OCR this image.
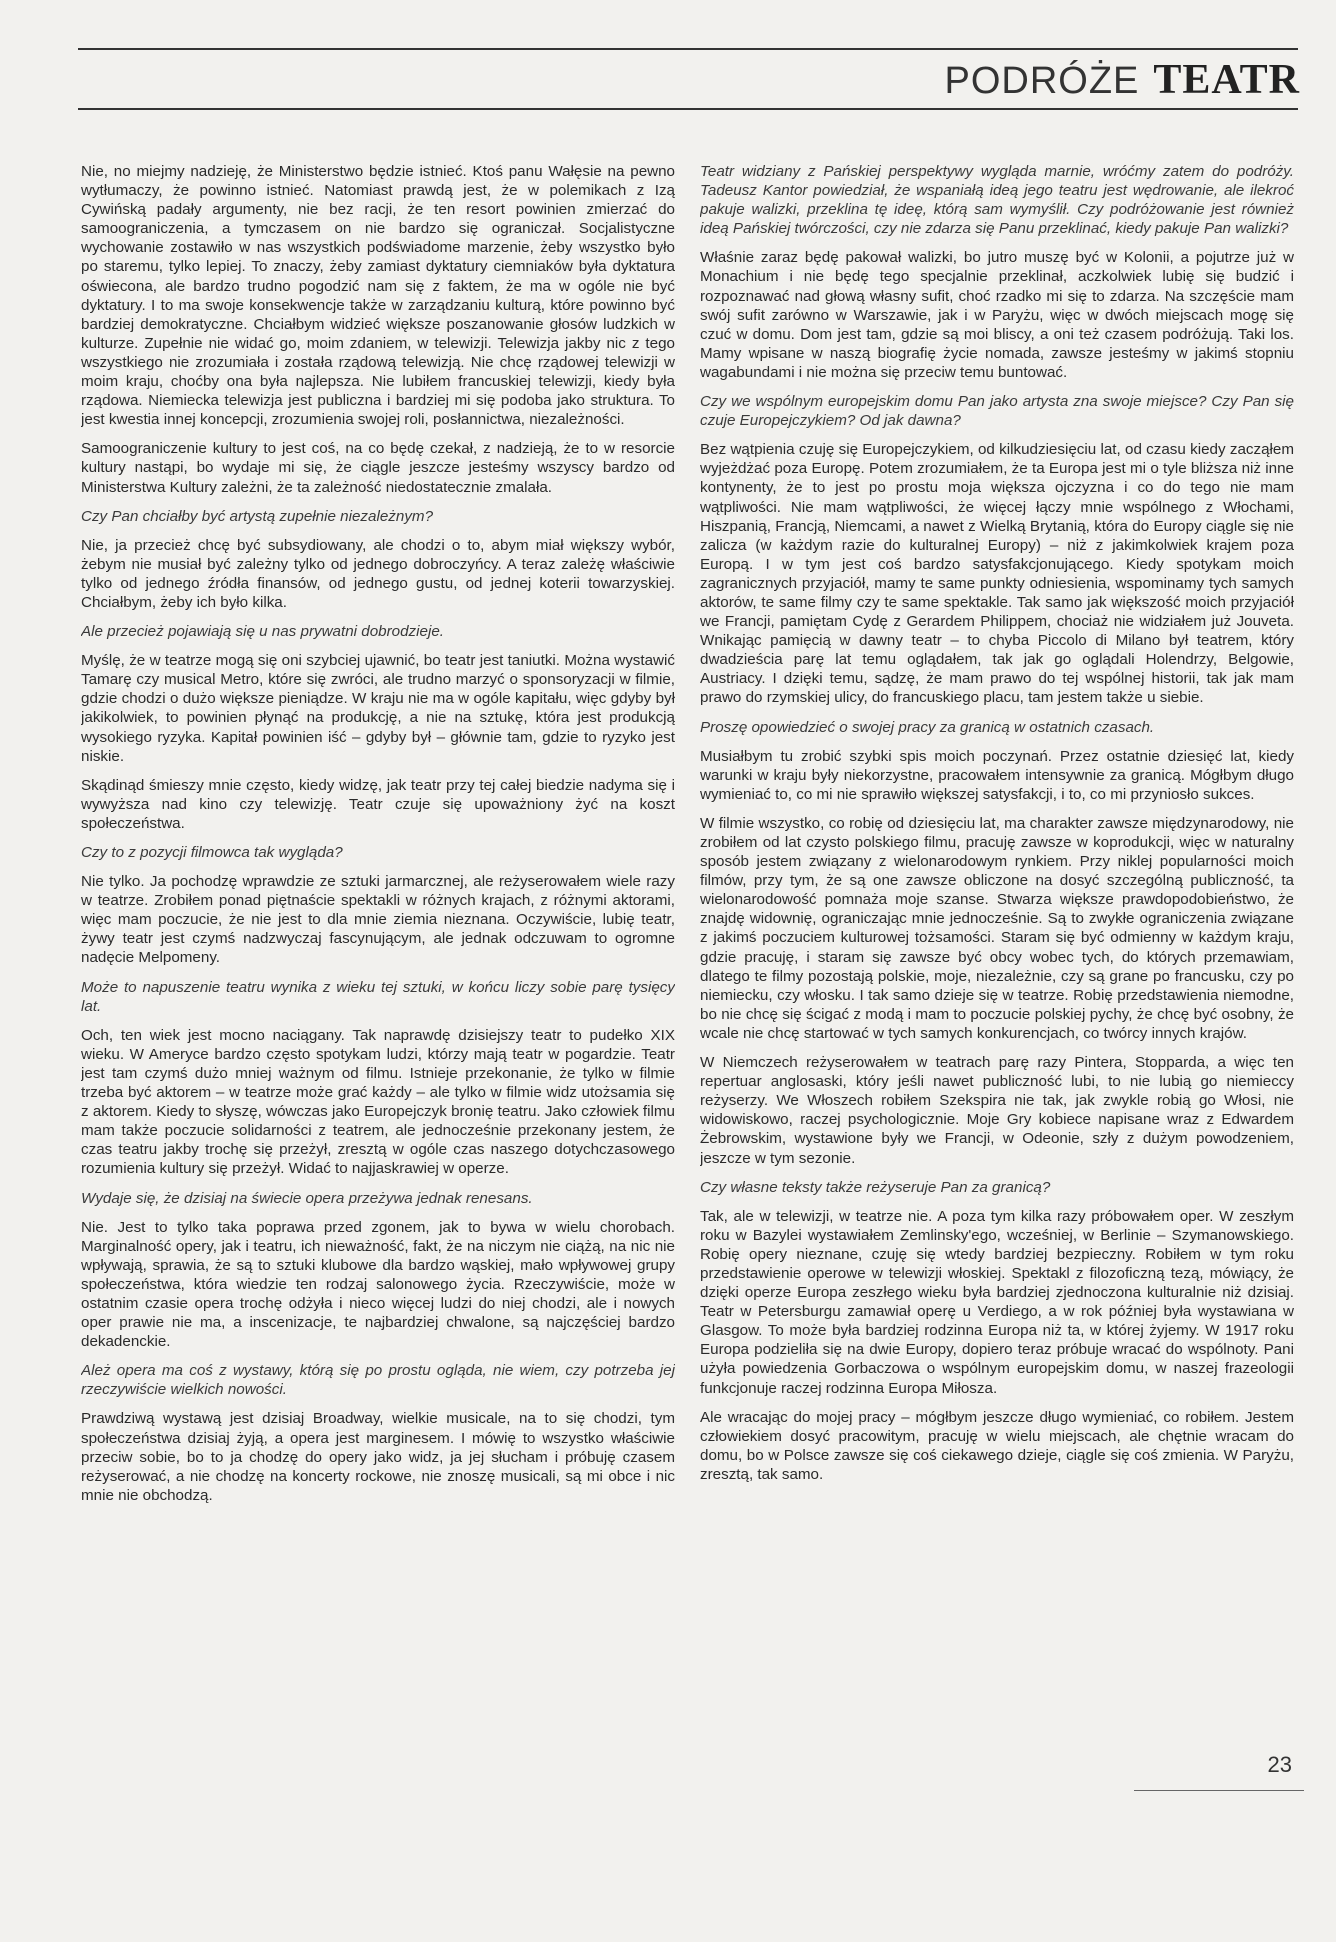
PODRÓŻE TEATR

Nie, no miejmy nadzieję, że Ministerstwo będzie istnieć. Ktoś panu Wałęsie na pewno wytłumaczy, że powinno istnieć. Natomiast prawdą jest, że w polemikach z Izą Cywińską padały argumenty, nie bez racji, że ten resort powinien zmierzać do samoograniczenia, a tymczasem on nie bardzo się ograniczał. Socjalistyczne wychowanie zostawiło w nas wszystkich podświadome marzenie, żeby wszystko było po staremu, tylko lepiej. To znaczy, żeby zamiast dyktatury ciemniaków była dyktatura oświecona, ale bardzo trudno pogodzić nam się z faktem, że ma w ogóle nie być dyktatury. I to ma swoje konsekwencje także w zarządzaniu kulturą, które powinno być bardziej demokratyczne. Chciałbym widzieć większe poszanowanie głosów ludzkich w kulturze. Zupełnie nie widać go, moim zdaniem, w telewizji. Telewizja jakby nic z tego wszystkiego nie zrozumiała i została rządową telewizją. Nie chcę rządowej telewizji w moim kraju, choćby ona była najlepsza. Nie lubiłem francuskiej telewizji, kiedy była rządowa. Niemiecka telewizja jest publiczna i bardziej mi się podoba jako struktura. To jest kwestia innej koncepcji, zrozumienia swojej roli, posłannictwa, niezależności.

Samoograniczenie kultury to jest coś, na co będę czekał, z nadzieją, że to w resorcie kultury nastąpi, bo wydaje mi się, że ciągle jeszcze jesteśmy wszyscy bardzo od Ministerstwa Kultury zależni, że ta zależność niedostatecznie zmalała.

Czy Pan chciałby być artystą zupełnie niezależnym?

Nie, ja przecież chcę być subsydiowany, ale chodzi o to, abym miał większy wybór, żebym nie musiał być zależny tylko od jednego dobroczyńcy. A teraz zależę właściwie tylko od jednego źródła finansów, od jednego gustu, od jednej koterii towarzyskiej. Chciałbym, żeby ich było kilka.

Ale przecież pojawiają się u nas prywatni dobrodzieje.

Myślę, że w teatrze mogą się oni szybciej ujawnić, bo teatr jest taniutki. Można wystawić Tamarę czy musical Metro, które się zwróci, ale trudno marzyć o sponsoryzacji w filmie, gdzie chodzi o dużo większe pieniądze. W kraju nie ma w ogóle kapitału, więc gdyby był jakikolwiek, to powinien płynąć na produkcję, a nie na sztukę, która jest produkcją wysokiego ryzyka. Kapitał powinien iść – gdyby był – głównie tam, gdzie to ryzyko jest niskie.

Skądinąd śmieszy mnie często, kiedy widzę, jak teatr przy tej całej biedzie nadyma się i wywyższa nad kino czy telewizję. Teatr czuje się upoważniony żyć na koszt społeczeństwa.

Czy to z pozycji filmowca tak wygląda?

Nie tylko. Ja pochodzę wprawdzie ze sztuki jarmarcznej, ale reżyserowałem wiele razy w teatrze. Zrobiłem ponad piętnaście spektakli w różnych krajach, z różnymi aktorami, więc mam poczucie, że nie jest to dla mnie ziemia nieznana. Oczywiście, lubię teatr, żywy teatr jest czymś nadzwyczaj fascynującym, ale jednak odczuwam to ogromne nadęcie Melpomeny.

Może to napuszenie teatru wynika z wieku tej sztuki, w końcu liczy sobie parę tysięcy lat.

Och, ten wiek jest mocno naciągany. Tak naprawdę dzisiejszy teatr to pudełko XIX wieku. W Ameryce bardzo często spotykam ludzi, którzy mają teatr w pogardzie. Teatr jest tam czymś dużo mniej ważnym od filmu. Istnieje przekonanie, że tylko w filmie trzeba być aktorem – w teatrze może grać każdy – ale tylko w filmie widz utożsamia się z aktorem. Kiedy to słyszę, wówczas jako Europejczyk bronię teatru. Jako człowiek filmu mam także poczucie solidarności z teatrem, ale jednocześnie przekonany jestem, że czas teatru jakby trochę się przeżył, zresztą w ogóle czas naszego dotychczasowego rozumienia kultury się przeżył. Widać to najjaskrawiej w operze.

Wydaje się, że dzisiaj na świecie opera przeżywa jednak renesans.

Nie. Jest to tylko taka poprawa przed zgonem, jak to bywa w wielu chorobach. Marginalność opery, jak i teatru, ich nieważność, fakt, że na niczym nie ciążą, na nic nie wpływają, sprawia, że są to sztuki klubowe dla bardzo wąskiej, mało wpływowej grupy społeczeństwa, która wiedzie ten rodzaj salonowego życia. Rzeczywiście, może w ostatnim czasie opera trochę odżyła i nieco więcej ludzi do niej chodzi, ale i nowych oper prawie nie ma, a inscenizacje, te najbardziej chwalone, są najczęściej bardzo dekadenckie.

Ależ opera ma coś z wystawy, którą się po prostu ogląda, nie wiem, czy potrzeba jej rzeczywiście wielkich nowości.

Prawdziwą wystawą jest dzisiaj Broadway, wielkie musicale, na to się chodzi, tym społeczeństwa dzisiaj żyją, a opera jest marginesem. I mówię to wszystko właściwie przeciw sobie, bo to ja chodzę do opery jako widz, ja jej słucham i próbuję czasem reżyserować, a nie chodzę na koncerty rockowe, nie znoszę musicali, są mi obce i nic mnie nie obchodzą.

Teatr widziany z Pańskiej perspektywy wygląda marnie, wróćmy zatem do podróży. Tadeusz Kantor powiedział, że wspaniałą ideą jego teatru jest wędrowanie, ale ilekroć pakuje walizki, przeklina tę ideę, którą sam wymyślił. Czy podróżowanie jest również ideą Pańskiej twórczości, czy nie zdarza się Panu przeklinać, kiedy pakuje Pan walizki?

Właśnie zaraz będę pakował walizki, bo jutro muszę być w Kolonii, a pojutrze już w Monachium i nie będę tego specjalnie przeklinał, aczkolwiek lubię się budzić i rozpoznawać nad głową własny sufit, choć rzadko mi się to zdarza. Na szczęście mam swój sufit zarówno w Warszawie, jak i w Paryżu, więc w dwóch miejscach mogę się czuć w domu. Dom jest tam, gdzie są moi bliscy, a oni też czasem podróżują. Taki los. Mamy wpisane w naszą biografię życie nomada, zawsze jesteśmy w jakimś stopniu wagabundami i nie można się przeciw temu buntować.

Czy we wspólnym europejskim domu Pan jako artysta zna swoje miejsce? Czy Pan się czuje Europejczykiem? Od jak dawna?

Bez wątpienia czuję się Europejczykiem, od kilkudziesięciu lat, od czasu kiedy zacząłem wyjeżdżać poza Europę. Potem zrozumiałem, że ta Europa jest mi o tyle bliższa niż inne kontynenty, że to jest po prostu moja większa ojczyzna i co do tego nie mam wątpliwości. Nie mam wątpliwości, że więcej łączy mnie wspólnego z Włochami, Hiszpanią, Francją, Niemcami, a nawet z Wielką Brytanią, która do Europy ciągle się nie zalicza (w każdym razie do kulturalnej Europy) – niż z jakimkolwiek krajem poza Europą. I w tym jest coś bardzo satysfakcjonującego. Kiedy spotykam moich zagranicznych przyjaciół, mamy te same punkty odniesienia, wspominamy tych samych aktorów, te same filmy czy te same spektakle. Tak samo jak większość moich przyjaciół we Francji, pamiętam Cydę z Gerardem Philippem, chociaż nie widziałem już Jouveta. Wnikając pamięcią w dawny teatr – to chyba Piccolo di Milano był teatrem, który dwadzieścia parę lat temu oglądałem, tak jak go oglądali Holendrzy, Belgowie, Austriacy. I dzięki temu, sądzę, że mam prawo do tej wspólnej historii, tak jak mam prawo do rzymskiej ulicy, do francuskiego placu, tam jestem także u siebie.

Proszę opowiedzieć o swojej pracy za granicą w ostatnich czasach.

Musiałbym tu zrobić szybki spis moich poczynań. Przez ostatnie dziesięć lat, kiedy warunki w kraju były niekorzystne, pracowałem intensywnie za granicą. Mógłbym długo wymieniać to, co mi nie sprawiło większej satysfakcji, i to, co mi przyniosło sukces.

W filmie wszystko, co robię od dziesięciu lat, ma charakter zawsze międzynarodowy, nie zrobiłem od lat czysto polskiego filmu, pracuję zawsze w koprodukcji, więc w naturalny sposób jestem związany z wielonarodowym rynkiem. Przy niklej popularności moich filmów, przy tym, że są one zawsze obliczone na dosyć szczególną publiczność, ta wielonarodowość pomnaża moje szanse. Stwarza większe prawdopodobieństwo, że znajdę widownię, ograniczając mnie jednocześnie. Są to zwykłe ograniczenia związane z jakimś poczuciem kulturowej tożsamości. Staram się być odmienny w każdym kraju, gdzie pracuję, i staram się zawsze być obcy wobec tych, do których przemawiam, dlatego te filmy pozostają polskie, moje, niezależnie, czy są grane po francusku, czy po niemiecku, czy włosku. I tak samo dzieje się w teatrze. Robię przedstawienia niemodne, bo nie chcę się ścigać z modą i mam to poczucie polskiej pychy, że chcę być osobny, że wcale nie chcę startować w tych samych konkurencjach, co twórcy innych krajów.

W Niemczech reżyserowałem w teatrach parę razy Pintera, Stopparda, a więc ten repertuar anglosaski, który jeśli nawet publiczność lubi, to nie lubią go niemieccy reżyserzy. We Włoszech robiłem Szekspira nie tak, jak zwykle robią go Włosi, nie widowiskowo, raczej psychologicznie. Moje Gry kobiece napisane wraz z Edwardem Żebrowskim, wystawione były we Francji, w Odeonie, szły z dużym powodzeniem, jeszcze w tym sezonie.

Czy własne teksty także reżyseruje Pan za granicą?

Tak, ale w telewizji, w teatrze nie. A poza tym kilka razy próbowałem oper. W zeszłym roku w Bazylei wystawiałem Zemlinsky'ego, wcześniej, w Berlinie – Szymanowskiego. Robię opery nieznane, czuję się wtedy bardziej bezpieczny. Robiłem w tym roku przedstawienie operowe w telewizji włoskiej. Spektakl z filozoficzną tezą, mówiący, że dzięki operze Europa zeszłego wieku była bardziej zjednoczona kulturalnie niż dzisiaj. Teatr w Petersburgu zamawiał operę u Verdiego, a w rok później była wystawiana w Glasgow. To może była bardziej rodzinna Europa niż ta, w której żyjemy. W 1917 roku Europa podzieliła się na dwie Europy, dopiero teraz próbuje wracać do wspólnoty. Pani użyła powiedzenia Gorbaczowa o wspólnym europejskim domu, w naszej frazeologii funkcjonuje raczej rodzinna Europa Miłosza.

Ale wracając do mojej pracy – mógłbym jeszcze długo wymieniać, co robiłem. Jestem człowiekiem dosyć pracowitym, pracuję w wielu miejscach, ale chętnie wracam do domu, bo w Polsce zawsze się coś ciekawego dzieje, ciągle się coś zmienia. W Paryżu, zresztą, tak samo.

23
